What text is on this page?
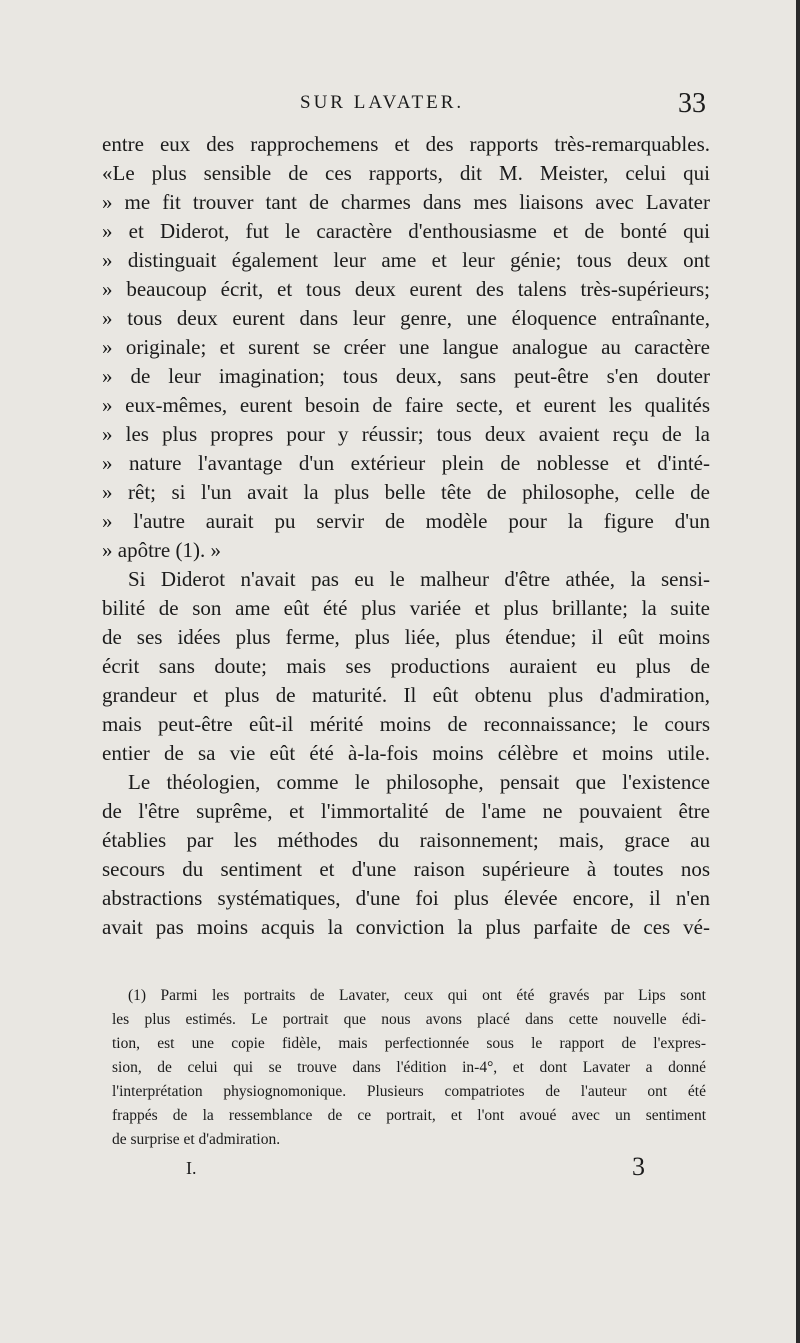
SUR LAVATER.	33
entre eux des rapprochemens et des rapports très-remarquables.
«Le plus sensible de ces rapports, dit M. Meister, celui qui
» me fit trouver tant de charmes dans mes liaisons avec Lavater
» et Diderot, fut le caractère d'enthousiasme et de bonté qui
» distinguait également leur ame et leur génie; tous deux ont
» beaucoup écrit, et tous deux eurent des talens très-supérieurs;
» tous deux eurent dans leur genre, une éloquence entraînante,
» originale; et surent se créer une langue analogue au caractère
» de leur imagination; tous deux, sans peut-être s'en douter
» eux-mêmes, eurent besoin de faire secte, et eurent les qualités
» les plus propres pour y réussir; tous deux avaient reçu de la
» nature l'avantage d'un extérieur plein de noblesse et d'inté-
» rêt; si l'un avait la plus belle tête de philosophe, celle de
» l'autre aurait pu servir de modèle pour la figure d'un
» apôtre (1). »
Si Diderot n'avait pas eu le malheur d'être athée, la sensi-
bilité de son ame eût été plus variée et plus brillante; la suite
de ses idées plus ferme, plus liée, plus étendue; il eût moins
écrit sans doute; mais ses productions auraient eu plus de
grandeur et plus de maturité. Il eût obtenu plus d'admiration,
mais peut-être eût-il mérité moins de reconnaissance; le cours
entier de sa vie eût été à-la-fois moins célèbre et moins utile.
Le théologien, comme le philosophe, pensait que l'existence
de l'être suprême, et l'immortalité de l'ame ne pouvaient être
établies par les méthodes du raisonnement; mais, grace au
secours du sentiment et d'une raison supérieure à toutes nos
abstractions systématiques, d'une foi plus élevée encore, il n'en
avait pas moins acquis la conviction la plus parfaite de ces vé-
(1) Parmi les portraits de Lavater, ceux qui ont été gravés par Lips sont
les plus estimés. Le portrait que nous avons placé dans cette nouvelle édi-
tion, est une copie fidèle, mais perfectionnée sous le rapport de l'expres-
sion, de celui qui se trouve dans l'édition in-4°, et dont Lavater a donné
l'interprétation physiognomonique. Plusieurs compatriotes de l'auteur ont été
frappés de la ressemblance de ce portrait, et l'ont avoué avec un sentiment
de surprise et d'admiration.
I.	3
